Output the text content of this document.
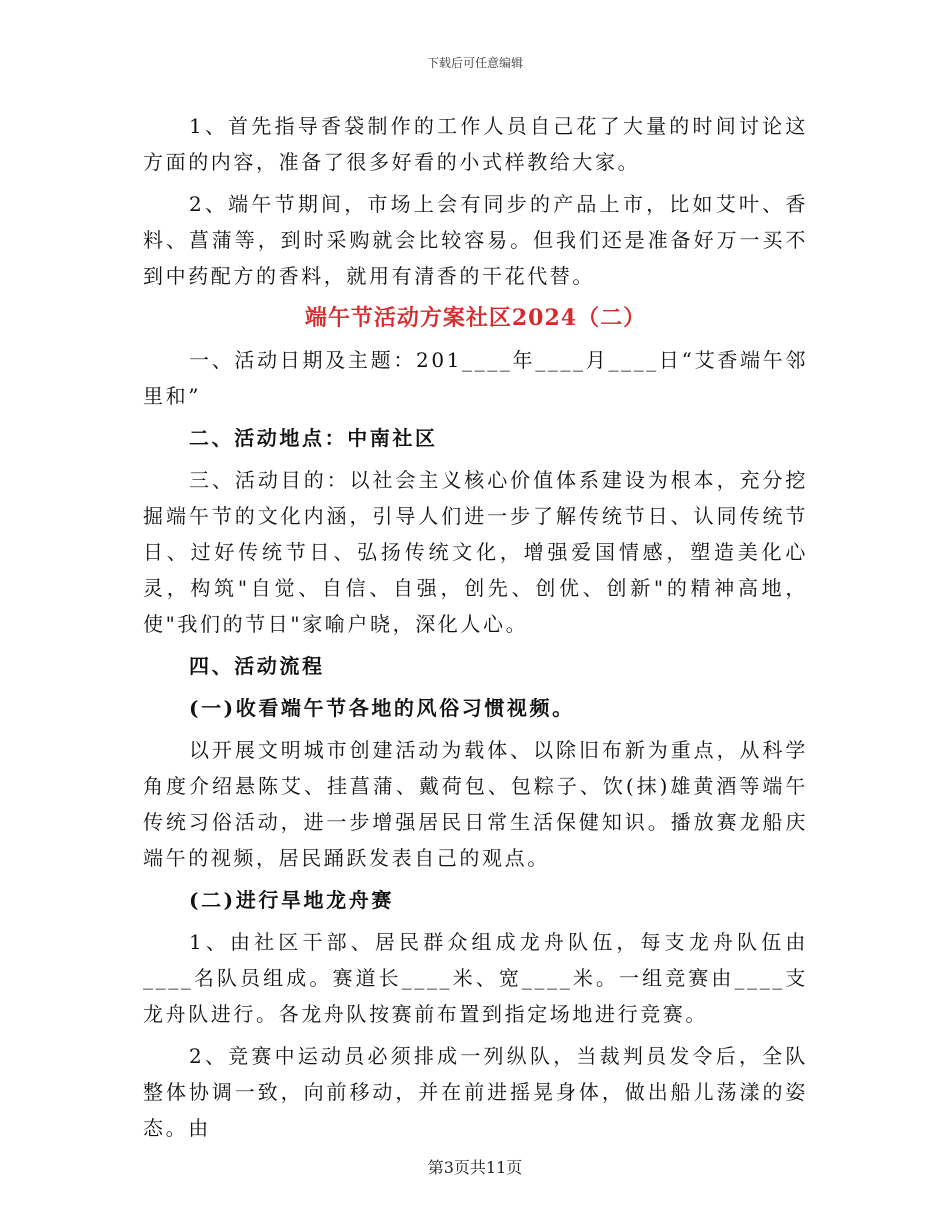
下载后可任意编辑

1、首先指导香袋制作的工作人员自己花了大量的时间讨论这方面的内容，准备了很多好看的小式样教给大家。

2、端午节期间，市场上会有同步的产品上市，比如艾叶、香料、菖蒲等，到时采购就会比较容易。但我们还是准备好万一买不到中药配方的香料，就用有清香的干花代替。

端午节活动方案社区2024（二）

一、活动日期及主题：201____年____月____日“艾香端午邻里和”

二、活动地点：中南社区

三、活动目的：以社会主义核心价值体系建设为根本，充分挖掘端午节的文化内涵，引导人们进一步了解传统节日、认同传统节日、过好传统节日、弘扬传统文化，增强爱国情感，塑造美化心灵，构筑"自觉、自信、自强，创先、创优、创新"的精神高地，使"我们的节日"家喻户晓，深化人心。

四、活动流程

(一)收看端午节各地的风俗习惯视频。

以开展文明城市创建活动为载体、以除旧布新为重点，从科学角度介绍悬陈艾、挂菖蒲、戴荷包、包粽子、饮(抹)雄黄酒等端午传统习俗活动，进一步增强居民日常生活保健知识。播放赛龙船庆端午的视频，居民踊跃发表自己的观点。

(二)进行旱地龙舟赛

1、由社区干部、居民群众组成龙舟队伍，每支龙舟队伍由____名队员组成。赛道长____米、宽____米。一组竞赛由____支龙舟队进行。各龙舟队按赛前布置到指定场地进行竞赛。

2、竞赛中运动员必须排成一列纵队，当裁判员发令后，全队整体协调一致，向前移动，并在前进摇晃身体，做出船儿荡漾的姿态。由

第3页共11页
